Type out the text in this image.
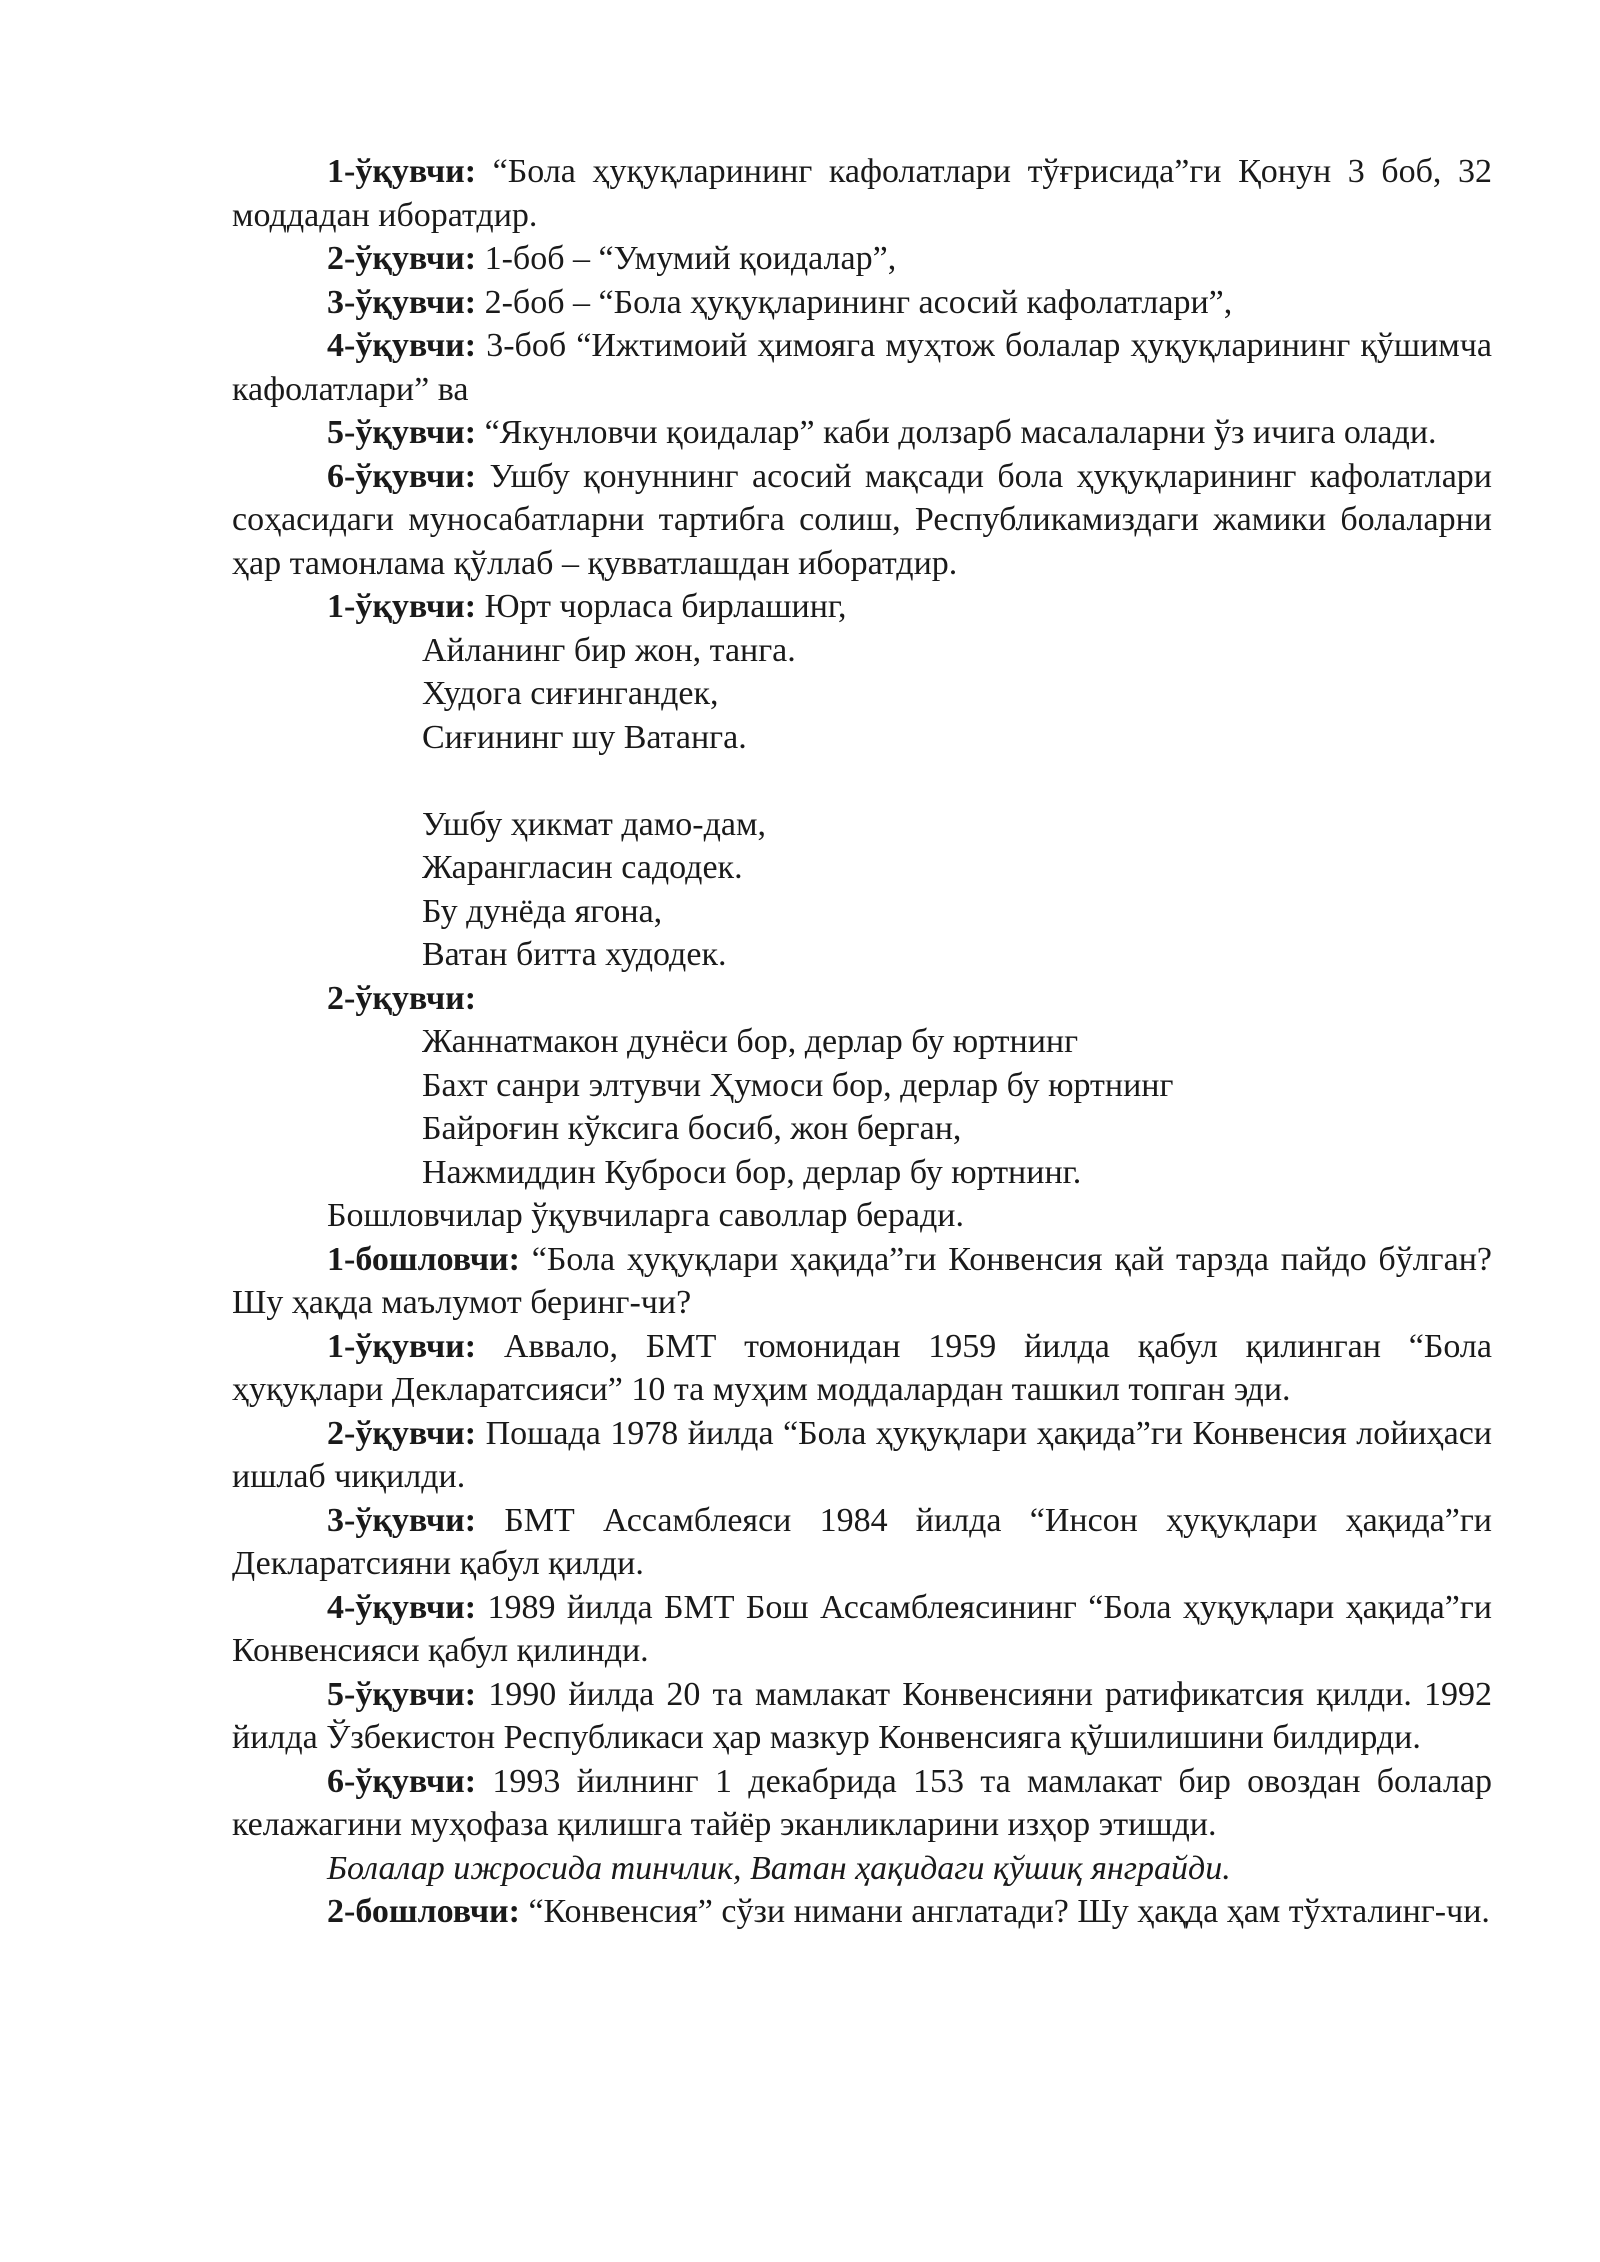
1-ўқувчи: “Бола ҳуқуқларининг кафолатлари тўғрисида”ги Қонун 3 боб, 32 моддадан иборатдир.

2-ўқувчи: 1-боб – “Умумий қоидалар”,

3-ўқувчи: 2-боб – “Бола ҳуқуқларининг асосий кафолатлари”,

4-ўқувчи: 3-боб “Ижтимоий ҳимояга муҳтож болалар ҳуқуқларининг қўшимча кафолатлари” ва

5-ўқувчи: “Якунловчи қоидалар” каби долзарб масалаларни ўз ичига олади.

6-ўқувчи: Ушбу қонуннинг асосий мақсади бола ҳуқуқларининг кафолатлари соҳасидаги муносабатларни тартибга солиш, Республикамиздаги жамики болаларни ҳар тамонлама қўллаб – қувватлашдан иборатдир.

1-ўқувчи: Юрт чорласа бирлашинг,

Айланинг бир жон, танга.
Худога сиғингандек,
Сиғининг шу Ватанга.
Ушбу ҳикмат дамо-дам,
Жарангласин садодек.
Бу дунёда ягона,
Ватан битта худодек.

2-ўқувчи:

Жаннатмакон дунёси бор, дерлар бу юртнинг
Бахт санри элтувчи Ҳумоси бор, дерлар бу юртнинг
Байроғин кўксига босиб, жон берган,
Нажмиддин Куброси бор, дерлар бу юртнинг.

Бошловчилар ўқувчиларга саволлар беради.

1-бошловчи: “Бола ҳуқуқлари ҳақида”ги Конвенсия қай тарзда пайдо бўлган? Шу ҳақда маълумот беринг-чи?

1-ўқувчи: Аввало, БМТ томонидан 1959 йилда қабул қилинган “Бола ҳуқуқлари Декларатсияси” 10 та муҳим моддалардан ташкил топган эди.

2-ўқувчи: Пошада 1978 йилда “Бола ҳуқуқлари ҳақида”ги Конвенсия лойиҳаси ишлаб чиқилди.

3-ўқувчи: БМТ Ассамблеяси 1984 йилда “Инсон ҳуқуқлари ҳақида”ги Декларатсияни қабул қилди.

4-ўқувчи: 1989 йилда БМТ Бош Ассамблеясининг “Бола ҳуқуқлари ҳақида”ги Конвенсияси қабул қилинди.

5-ўқувчи: 1990 йилда 20 та мамлакат Конвенсияни ратификатсия қилди. 1992 йилда Ўзбекистон Республикаси ҳар мазкур Конвенсияга қўшилишини билдирди.

6-ўқувчи: 1993 йилнинг 1 декабрида 153 та мамлакат бир овоздан болалар келажагини муҳофаза қилишга тайёр эканликларини изҳор этишди.

Болалар ижросида тинчлик, Ватан ҳақидаги қўшиқ янграйди.

2-бошловчи: “Конвенсия” сўзи нимани англатади? Шу ҳақда ҳам тўхталинг-чи.
